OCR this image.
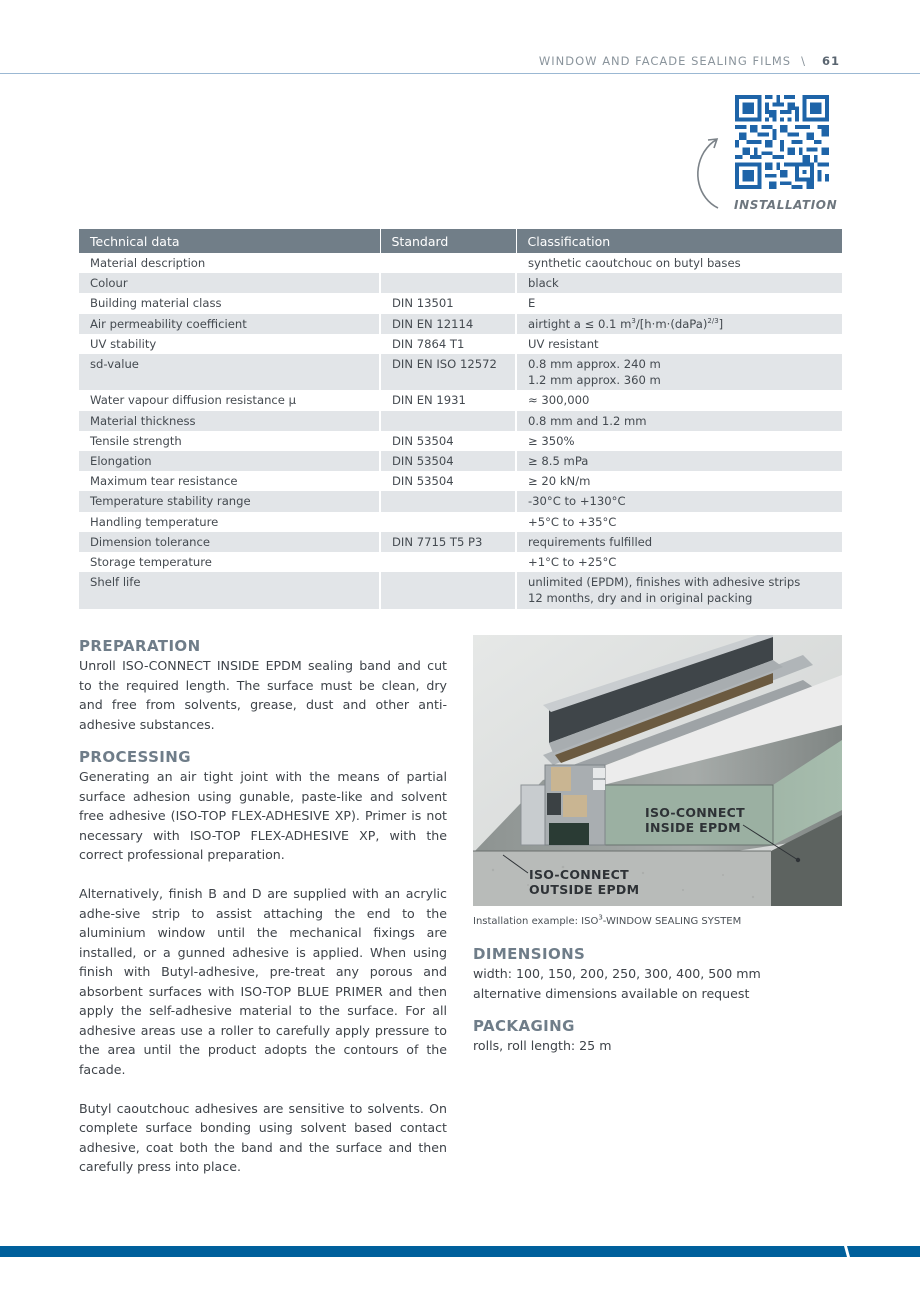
WINDOW AND FACADE SEALING FILMS \ 61
INSTALLATION
Technical data	Standard	Classification
Material description		synthetic caoutchouc on butyl bases
Colour		black
Building material class	DIN 13501	E
Air permeability coefficient	DIN EN 12114	airtight a ≤ 0.1 $m^3/[h\cdot m\cdot(daPa)^{2/3}]$
UV stability	DIN 7864 T1	UV resistant
sd-value	DIN EN ISO 12572	0.8 mm approx. 240 m
1.2 mm approx. 360 m

Water vapour diffusion resistance μ	DIN EN 1931	≈ 300,000
Material thickness		0.8 mm and 1.2 mm
Tensile strength	DIN 53504	≥ 350%
Elongation	DIN 53504	≥ 8.5 mPa
Maximum tear resistance	DIN 53504	≥ 20 kN/m
Temperature stability range		-30°C to +130°C
Handling temperature		+5°C to +35°C
Dimension tolerance	DIN 7715 T5 P3	requirements fulfilled
Storage temperature		+1°C to +25°C
Shelf life		unlimited (EPDM), finishes with adhesive strips
12 months, dry and in original packing
PREPARATION

Unroll ISO-CONNECT INSIDE EPDM sealing band and cut to the required length. The surface must be clean, dry and free from solvents, grease, dust and other anti-adhesive substances.

PROCESSING

Generating an air tight joint with the means of partial surface adhesion using gunable, paste-like and solvent free adhesive (ISO-TOP FLEX-ADHESIVE XP). Primer is not necessary with ISO-TOP FLEX-ADHESIVE XP, with the correct professional preparation.

Alternatively, finish B and D are supplied with an acrylic adhe-sive strip to assist attaching the end to the aluminium window until the mechanical fixings are installed, or a gunned adhesive is applied. When using finish with Butyl-adhesive, pre-treat any porous and absorbent surfaces with ISO-TOP BLUE PRIMER and then apply the self-adhesive material to the surface. For all adhesive areas use a roller to carefully apply pressure to the area until the product adopts the contours of the facade.

Butyl caoutchouc adhesives are sensitive to solvents. On complete surface bonding using solvent based contact adhesive, coat both the band and the surface and then carefully press into place.

ISO-CONNECT
INSIDE EPDM
ISO-CONNECT
OUTSIDE EPDM
Installation example: ISO$^3$-WINDOW SEALING SYSTEM
DIMENSIONS

width: 100, 150, 200, 250, 300, 400, 500 mm

alternative dimensions available on request

PACKAGING

rolls, roll length: 25 m
